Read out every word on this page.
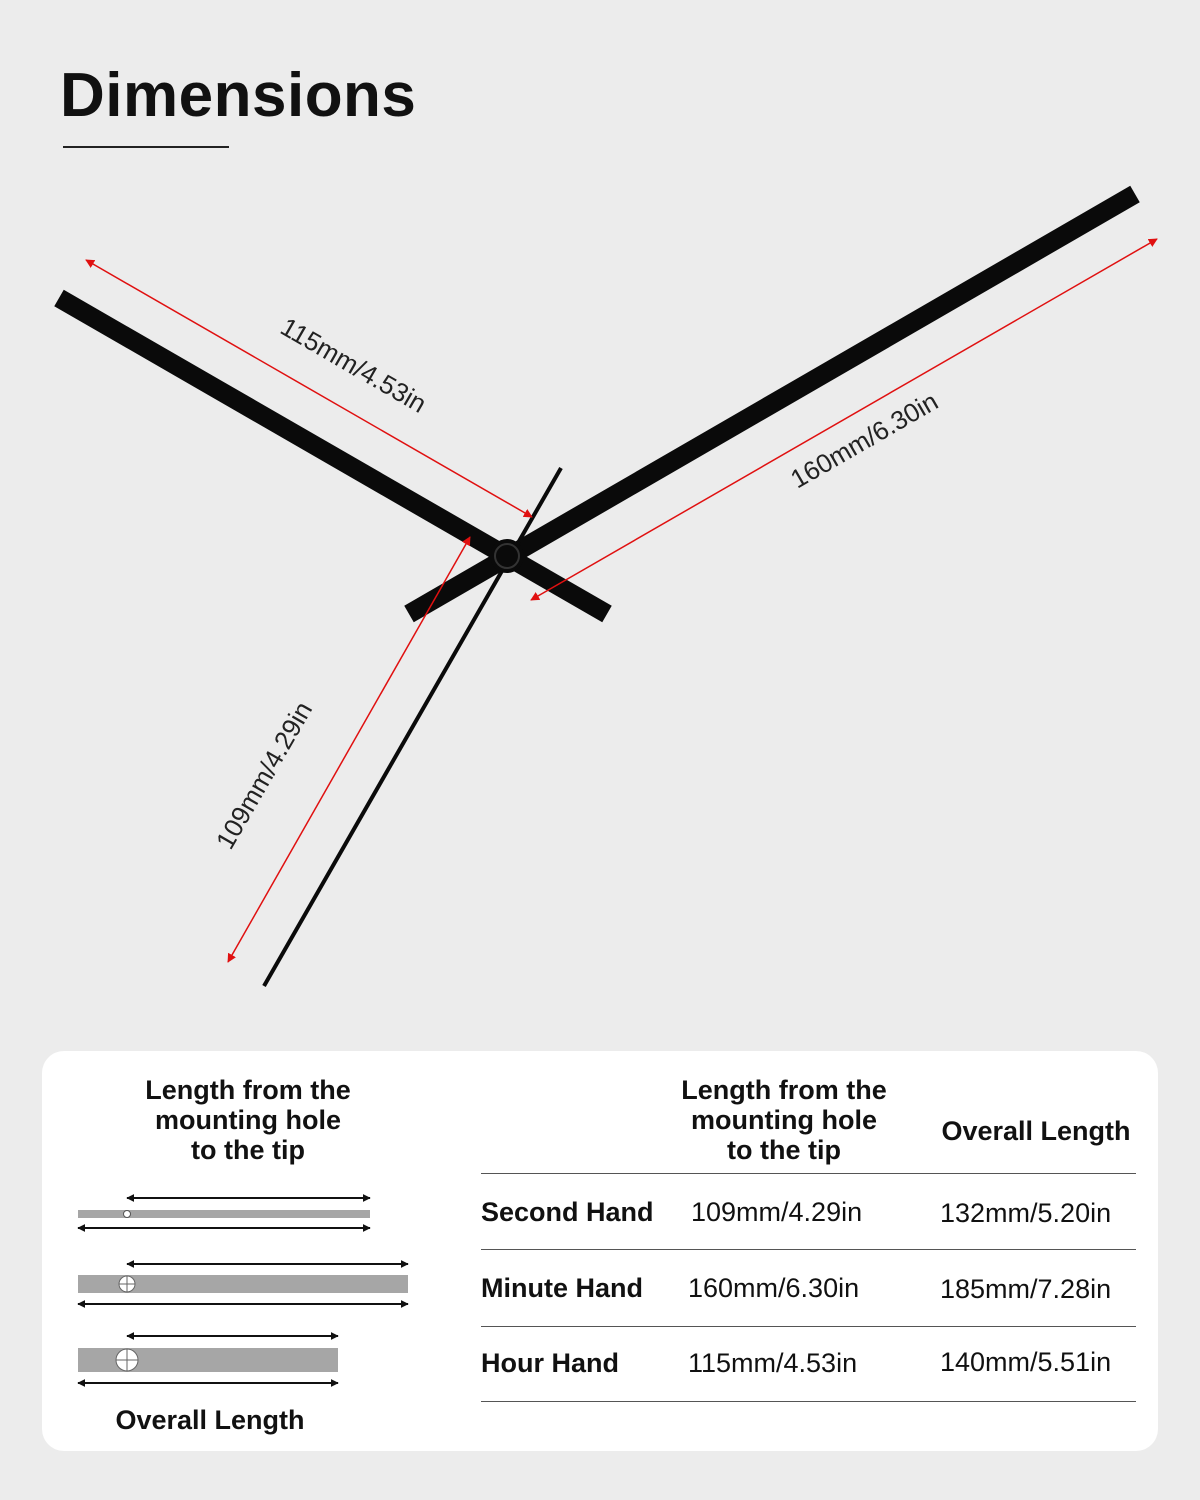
Dimensions
115mm/4.53in
160mm/6.30in
109mm/4.29in
Length from the
mounting hole
to the tip
Overall Length
Length from the
mounting hole
to the tip
Overall Length
Second Hand 109mm/4.29in	132mm/5.20in
Minute Hand 160mm/6.30in	185mm/7.28in
Hour Hand	115mm/4.53in	140mm/5.51in
